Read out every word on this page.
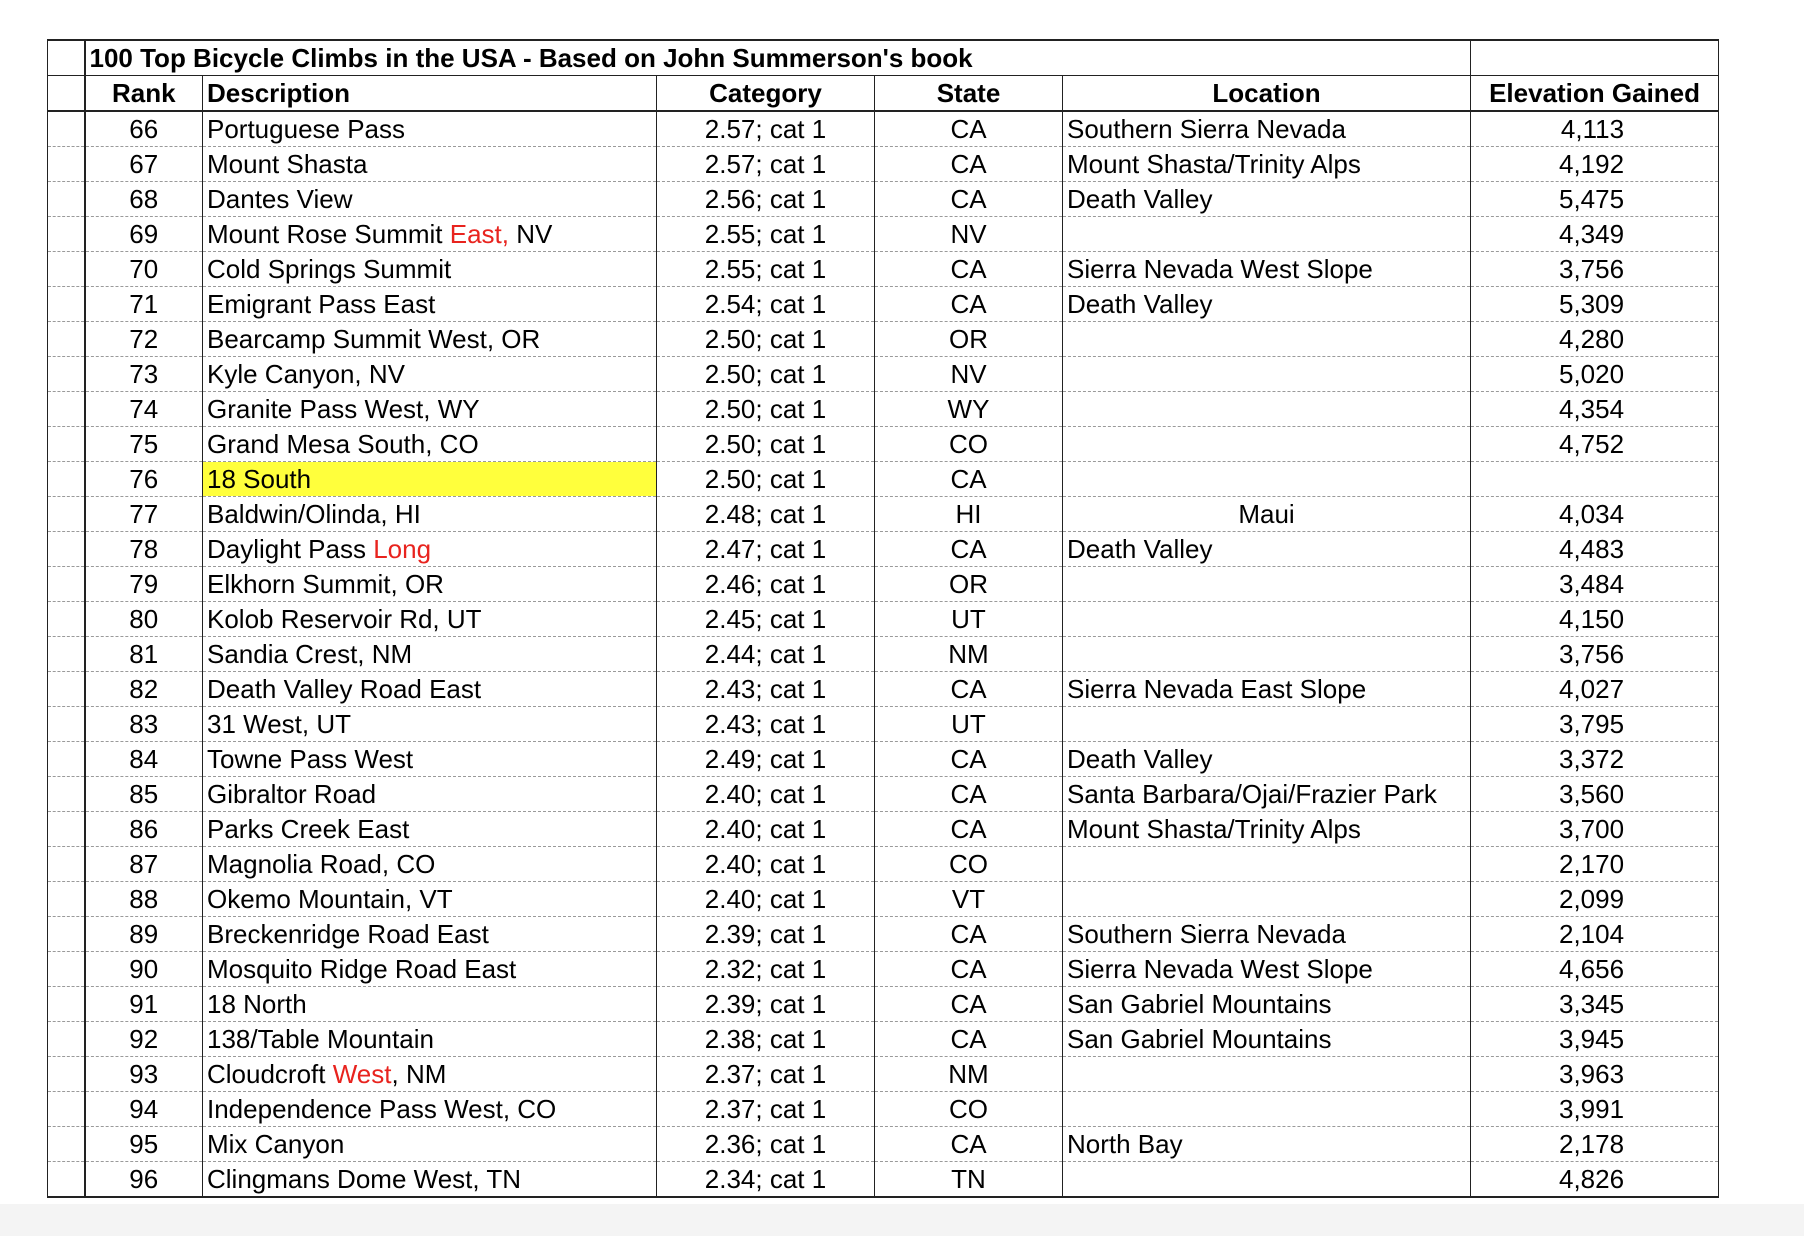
	100 Top Bicycle Climbs in the USA - Based on John Summerson's book					
	Rank	Description	Category	State	Location	Elevation Gained
	66	Portuguese Pass	2.57; cat 1	CA	Southern Sierra Nevada	4,113
	67	Mount Shasta	2.57; cat 1	CA	Mount Shasta/Trinity Alps	4,192
	68	Dantes View	2.56; cat 1	CA	Death Valley	5,475
	69	Mount Rose Summit East, NV	2.55; cat 1	NV		4,349
	70	Cold Springs Summit	2.55; cat 1	CA	Sierra Nevada West Slope	3,756
	71	Emigrant Pass East	2.54; cat 1	CA	Death Valley	5,309
	72	Bearcamp Summit West, OR	2.50; cat 1	OR		4,280
	73	Kyle Canyon, NV	2.50; cat 1	NV		5,020
	74	Granite Pass West, WY	2.50; cat 1	WY		4,354
	75	Grand Mesa South, CO	2.50; cat 1	CO		4,752
	76	18 South	2.50; cat 1	CA		
	77	Baldwin/Olinda, HI	2.48; cat 1	HI	Maui	4,034
	78	Daylight Pass Long	2.47; cat 1	CA	Death Valley	4,483
	79	Elkhorn Summit, OR	2.46; cat 1	OR		3,484
	80	Kolob Reservoir Rd, UT	2.45; cat 1	UT		4,150
	81	Sandia Crest, NM	2.44; cat 1	NM		3,756
	82	Death Valley Road East	2.43; cat 1	CA	Sierra Nevada East Slope	4,027
	83	31 West, UT	2.43; cat 1	UT		3,795
	84	Towne Pass West	2.49; cat 1	CA	Death Valley	3,372
	85	Gibraltor Road	2.40; cat 1	CA	Santa Barbara/Ojai/Frazier Park	3,560
	86	Parks Creek East	2.40; cat 1	CA	Mount Shasta/Trinity Alps	3,700
	87	Magnolia Road, CO	2.40; cat 1	CO		2,170
	88	Okemo Mountain, VT	2.40; cat 1	VT		2,099
	89	Breckenridge Road East	2.39; cat 1	CA	Southern Sierra Nevada	2,104
	90	Mosquito Ridge Road East	2.32; cat 1	CA	Sierra Nevada West Slope	4,656
	91	18 North	2.39; cat 1	CA	San Gabriel Mountains	3,345
	92	138/Table Mountain	2.38; cat 1	CA	San Gabriel Mountains	3,945
	93	Cloudcroft West, NM	2.37; cat 1	NM		3,963
	94	Independence Pass West, CO	2.37; cat 1	CO		3,991
	95	Mix Canyon	2.36; cat 1	CA	North Bay	2,178
	96	Clingmans Dome West, TN	2.34; cat 1	TN		4,826
